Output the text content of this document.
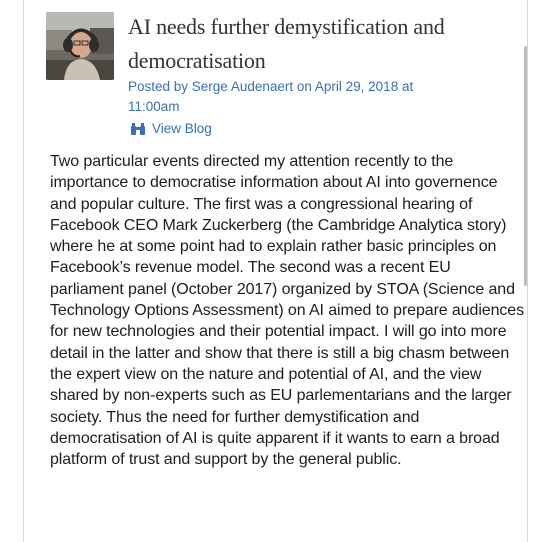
AI needs further demystification and democratisation
Posted by Serge Audenaert on April 29, 2018 at 11:00am
View Blog

Two particular events directed my attention recently to the importance to democratise information about AI into governence and popular culture. The first was a congressional hearing of Facebook CEO Mark Zuckerberg (the Cambridge Analytica story) where he at some point had to explain rather basic principles on Facebook’s revenue model. The second was a recent EU parliament panel (October 2017) organized by STOA (Science and Technology Options Assessment) on AI aimed to prepare audiences for new technologies and their potential impact. I will go into more detail in the latter and show that there is still a big chasm between the expert view on the nature and potential of AI, and the view shared by non-experts such as EU parlementarians and the larger society. Thus the need for further demystification and democratisation of AI is quite apparent if it wants to earn a broad platform of trust and support by the general public.
